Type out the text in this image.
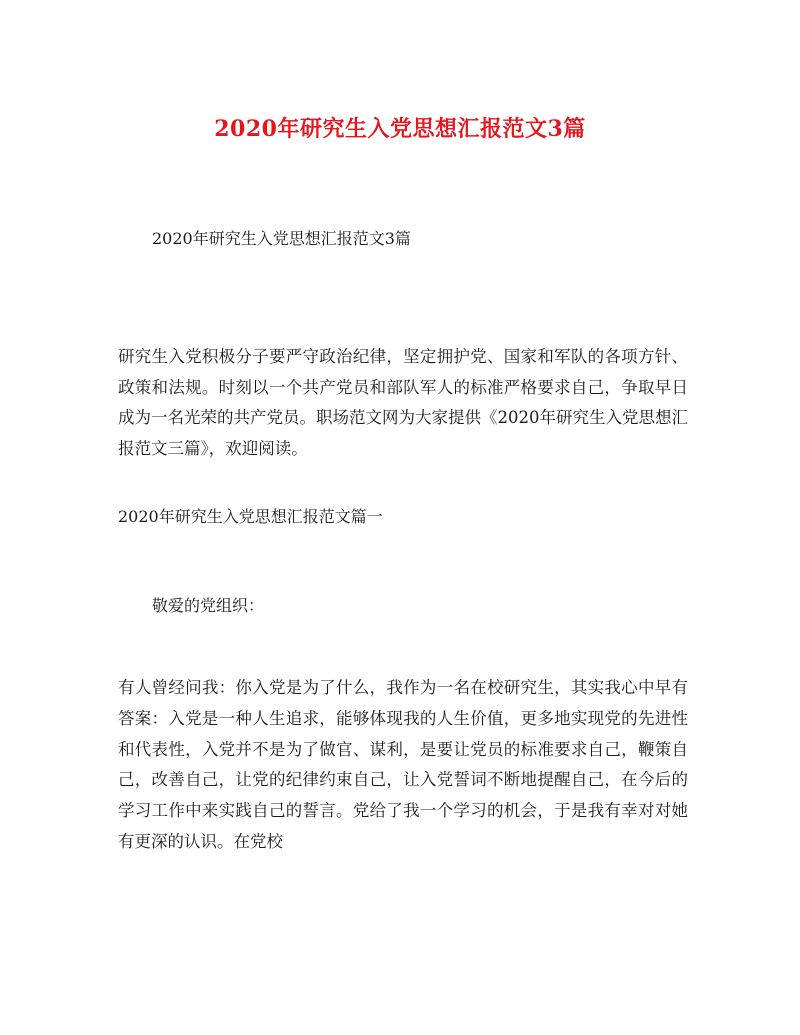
2020年研究生入党思想汇报范文3篇
2020年研究生入党思想汇报范文3篇
研究生入党积极分子要严守政治纪律，坚定拥护党、国家和军队的各项方针、政策和法规。时刻以一个共产党员和部队军人的标准严格要求自己，争取早日成为一名光荣的共产党员。职场范文网为大家提供《2020年研究生入党思想汇报范文三篇》，欢迎阅读。
2020年研究生入党思想汇报范文篇一
敬爱的党组织：
有人曾经问我：你入党是为了什么，我作为一名在校研究生，其实我心中早有答案：入党是一种人生追求，能够体现我的人生价值，更多地实现党的先进性和代表性，入党并不是为了做官、谋利，是要让党员的标准要求自己，鞭策自己，改善自己，让党的纪律约束自己，让入党誓词不断地提醒自己，在今后的学习工作中来实践自己的誓言。党给了我一个学习的机会，于是我有幸对对她有更深的认识。在党校
